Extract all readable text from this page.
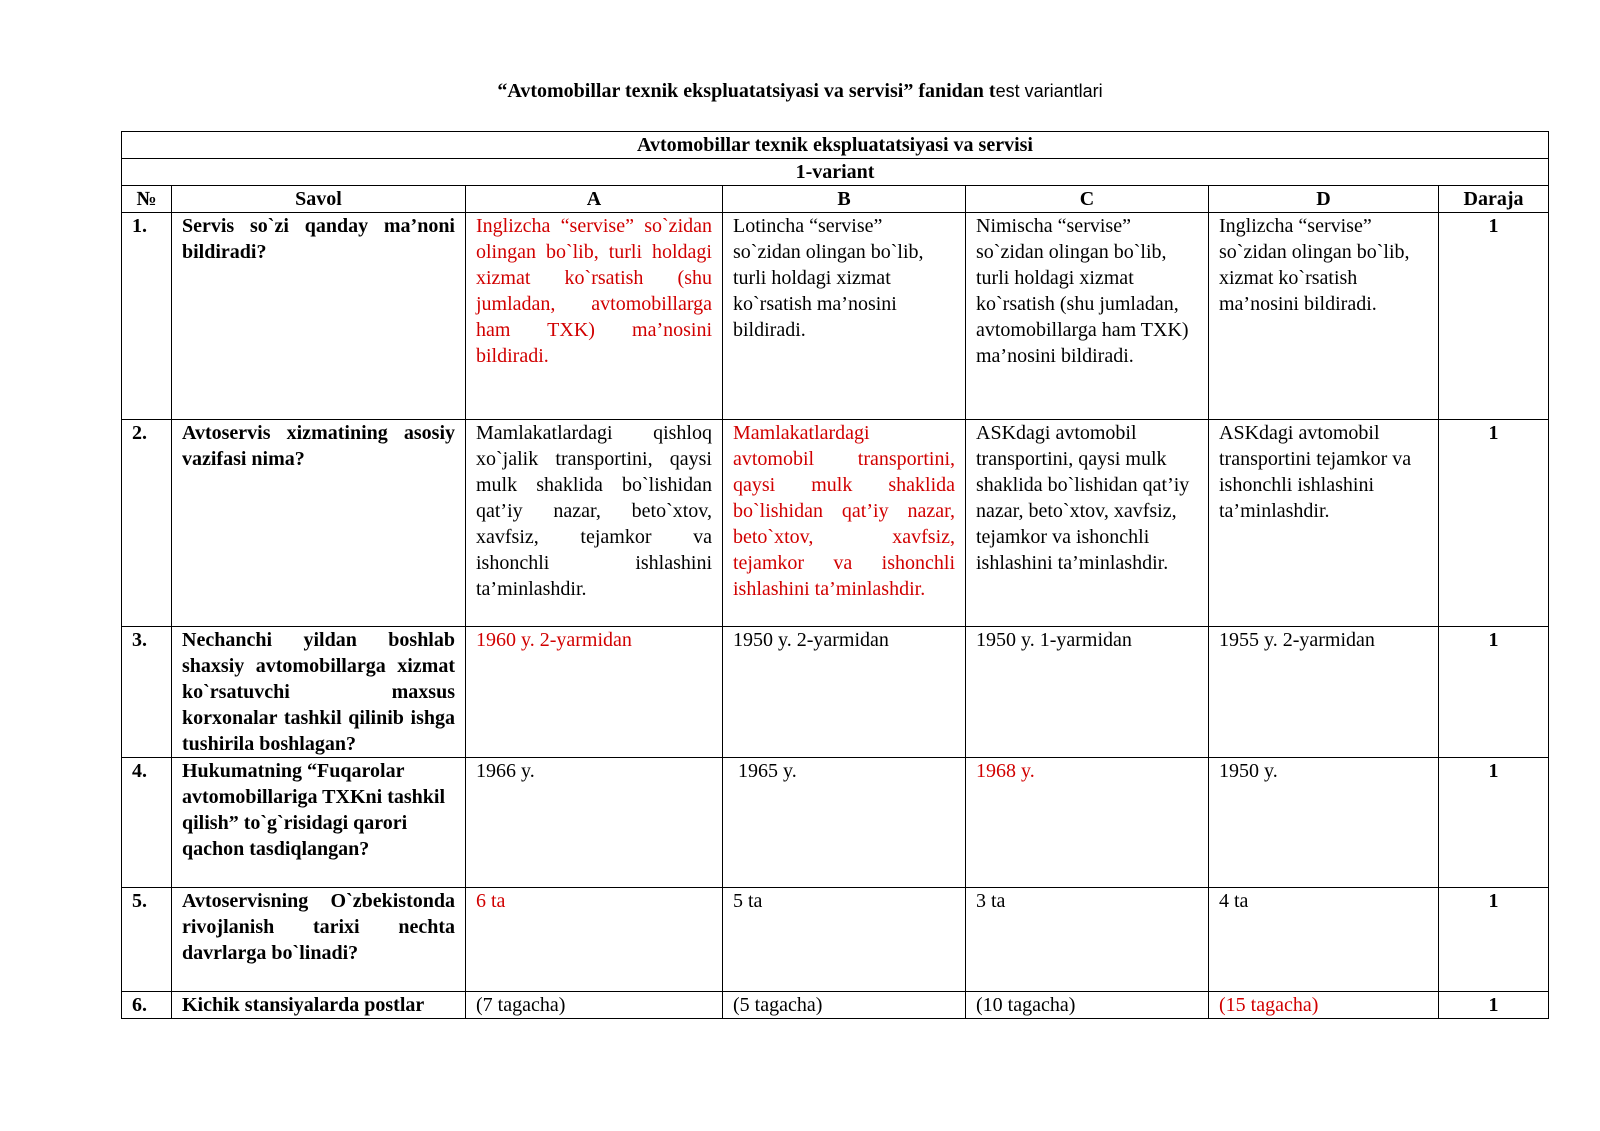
“Avtomobillar texnik ekspluatatsiyasi va servisi” fanidan test variantlari
Avtomobillar texnik ekspluatatsiyasi va servisi						
1-variant						
№	Savol	A	B	C	D	Daraja
1.	Servis so`zi qanday ma’noni bildiradi?	Inglizcha “servise” so`zidan olingan bo`lib, turli holdagi xizmat ko`rsatish (shu jumladan, avtomobillarga ham TXK) ma’nosini bildiradi.	Lotincha “servise” so`zidan olingan bo`lib, turli holdagi xizmat ko`rsatish ma’nosini bildiradi.	Nimischa “servise” so`zidan olingan bo`lib, turli holdagi xizmat ko`rsatish (shu jumladan, avtomobillarga ham TXK) ma’nosini bildiradi.	Inglizcha “servise” so`zidan olingan bo`lib, xizmat ko`rsatish ma’nosini bildiradi.	1
2.	Avtoservis xizmatining asosiy vazifasi nima?	Mamlakatlardagi qishloq xo`jalik transportini, qaysi mulk shaklida bo`lishidan qat’iy nazar, beto`xtov, xavfsiz, tejamkor va ishonchli ishlashini ta’minlashdir.	Mamlakatlardagi avtomobil transportini, qaysi mulk shaklida bo`lishidan qat’iy nazar, beto`xtov, xavfsiz, tejamkor va ishonchli ishlashini ta’minlashdir.	ASKdagi avtomobil transportini, qaysi mulk shaklida bo`lishidan qat’iy nazar, beto`xtov, xavfsiz, tejamkor va ishonchli ishlashini ta’minlashdir.	ASKdagi avtomobil transportini tejamkor va ishonchli ishlashini ta’minlashdir.	1
3.	Nechanchi yildan boshlab shaxsiy avtomobillarga xizmat ko`rsatuvchi maxsus korxonalar tashkil qilinib ishga tushirila boshlagan?	1960 y. 2-yarmidan	1950 y. 2-yarmidan	1950 y. 1-yarmidan	1955 y. 2-yarmidan	1
4.	Hukumatning “Fuqarolar avtomobillariga TXKni tashkil qilish” to`g`risidagi qarori qachon tasdiqlangan?	1966 y.	1965 y.	1968 y.	1950 y.	1
5.	Avtoservisning O`zbekistonda rivojlanish tarixi nechta davrlarga bo`linadi?	6 ta	5 ta	3 ta	4 ta	1
6.	Kichik stansiyalarda postlar	(7 tagacha)	(5 tagacha)	(10 tagacha)	(15 tagacha)	1
